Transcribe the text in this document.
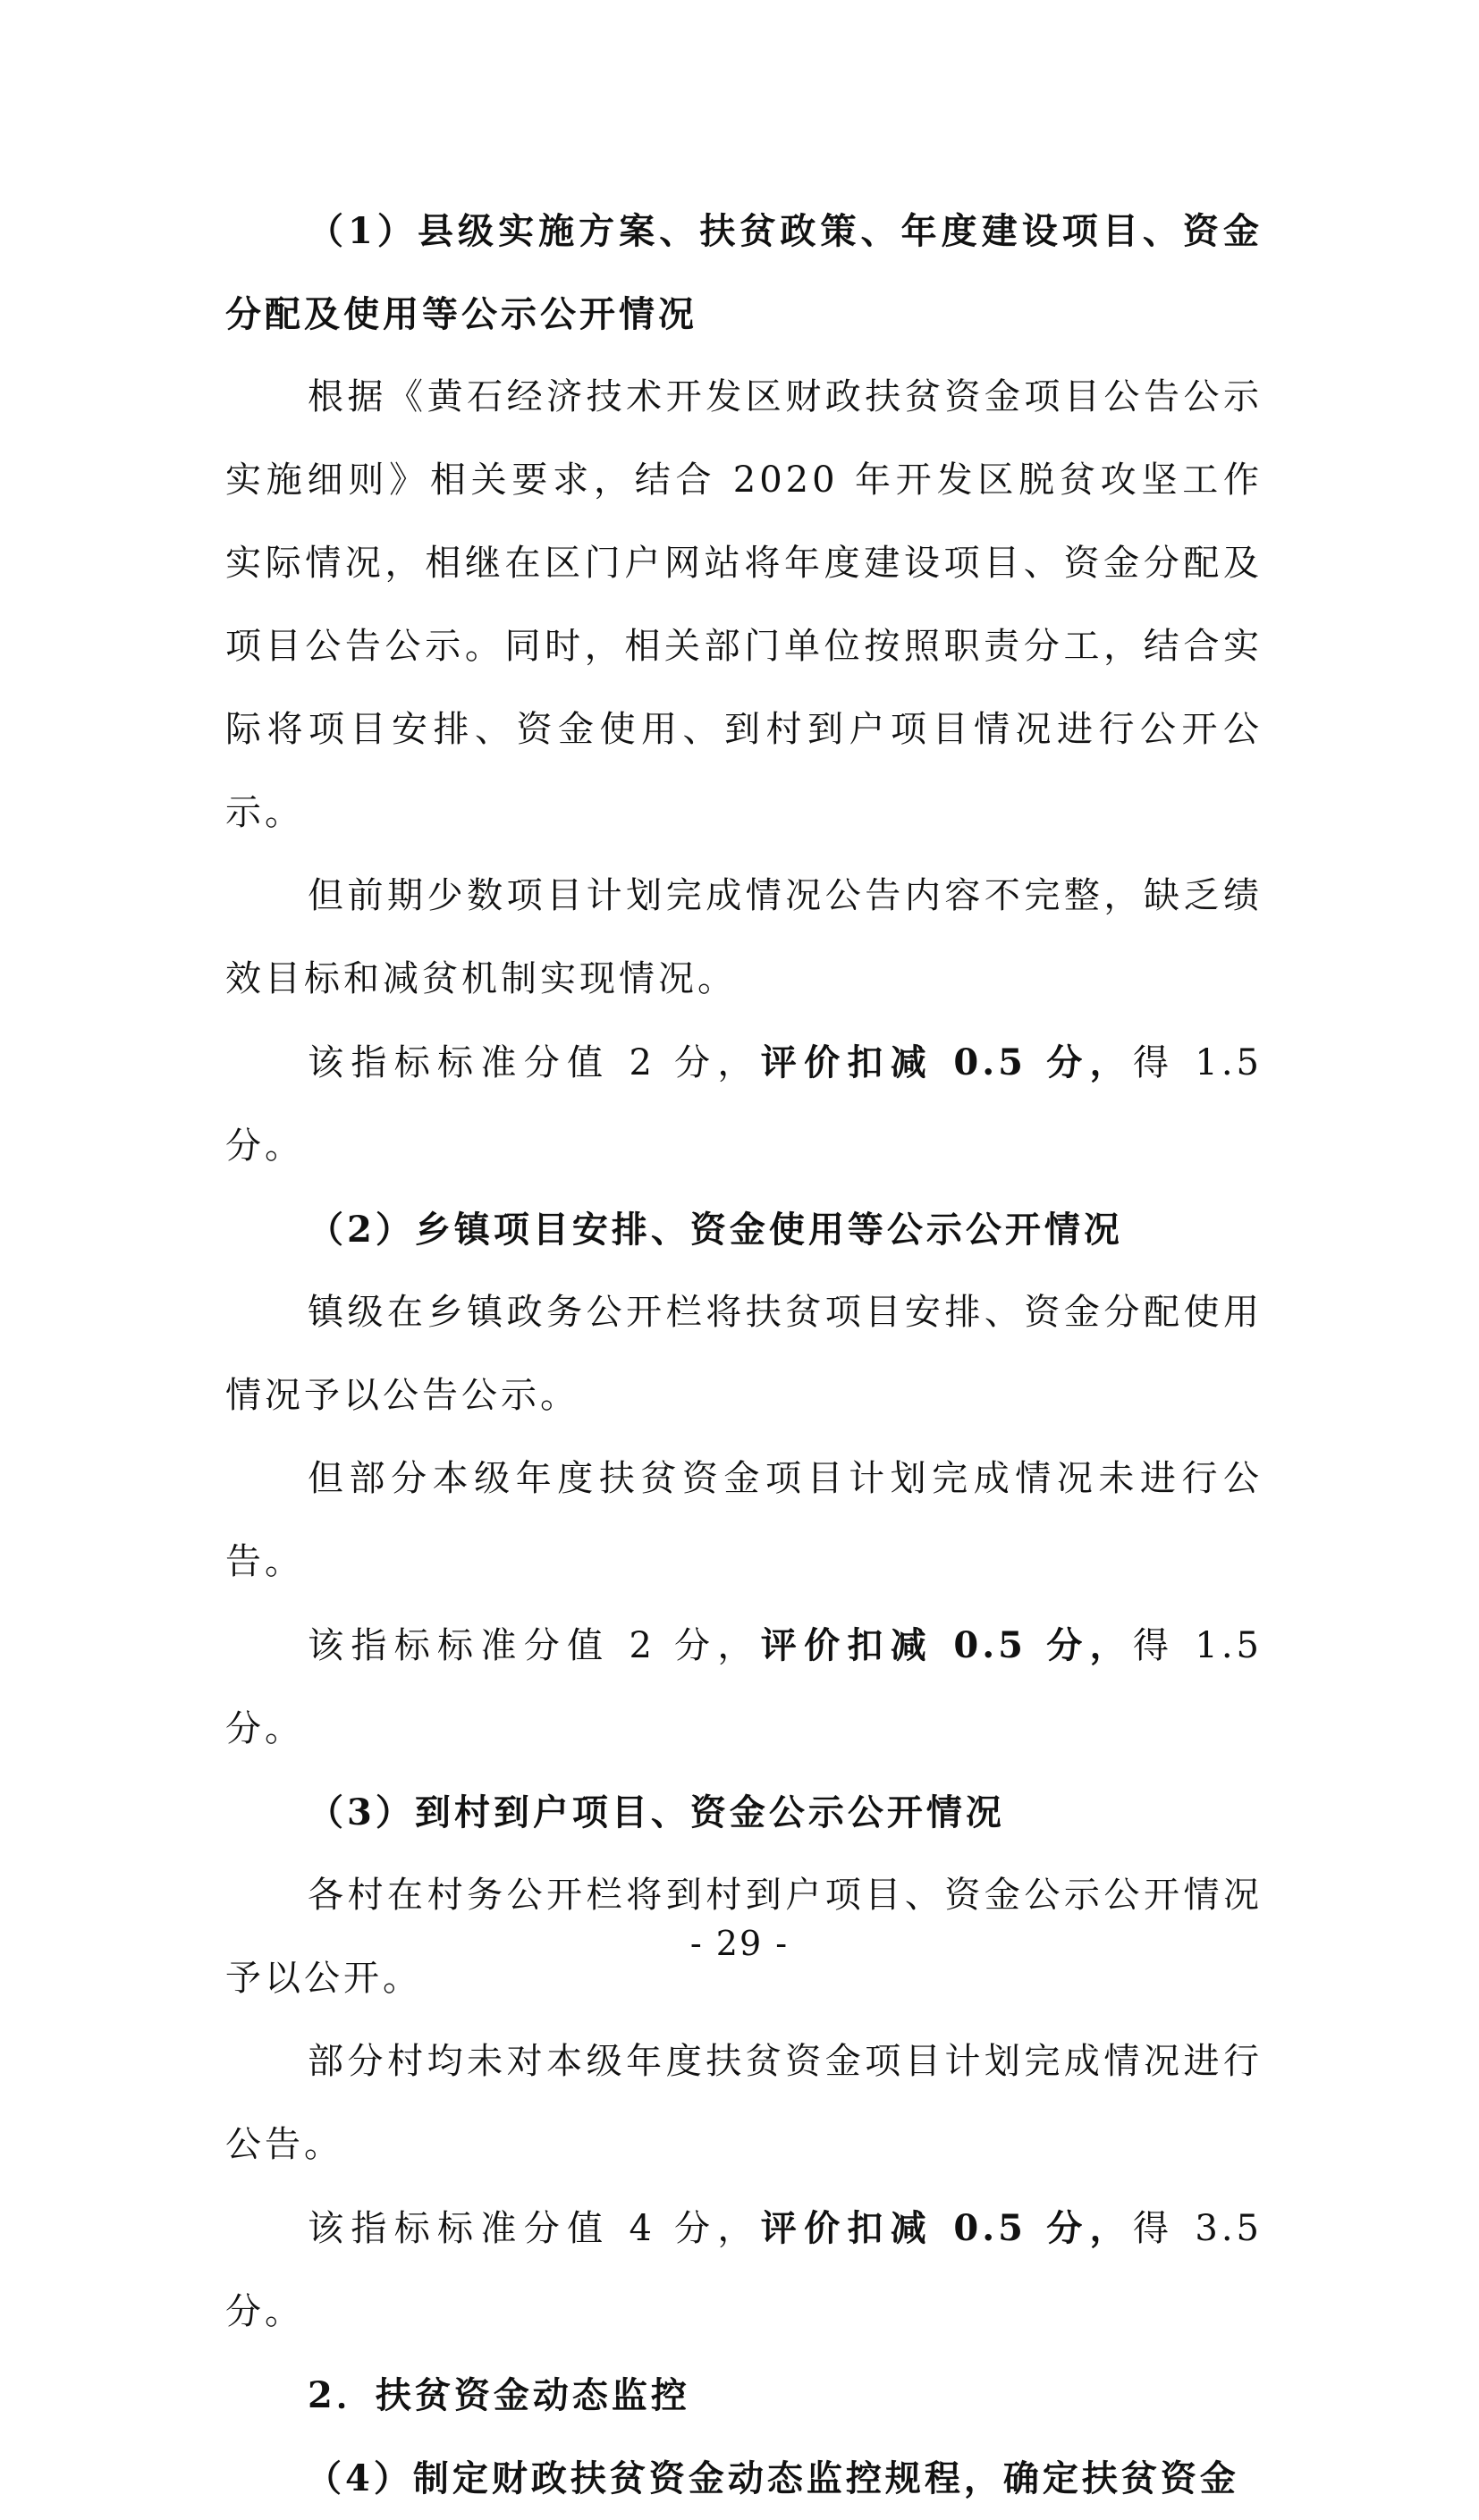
（1）县级实施方案、扶贫政策、年度建设项目、资金分配及使用等公示公开情况

根据《黄石经济技术开发区财政扶贫资金项目公告公示实施细则》相关要求，结合 2020 年开发区脱贫攻坚工作实际情况，相继在区门户网站将年度建设项目、资金分配及项目公告公示。同时，相关部门单位按照职责分工，结合实际将项目安排、资金使用、到村到户项目情况进行公开公示。

但前期少数项目计划完成情况公告内容不完整，缺乏绩效目标和减贫机制实现情况。

该指标标准分值 2 分，评价扣减 0.5 分，得 1.5 分。

（2）乡镇项目安排、资金使用等公示公开情况

镇级在乡镇政务公开栏将扶贫项目安排、资金分配使用情况予以公告公示。

但部分本级年度扶贫资金项目计划完成情况未进行公告。

该指标标准分值 2 分，评价扣减 0.5 分，得 1.5 分。

（3）到村到户项目、资金公示公开情况

各村在村务公开栏将到村到户项目、资金公示公开情况予以公开。

部分村均未对本级年度扶贫资金项目计划完成情况进行公告。

该指标标准分值 4 分，评价扣减 0.5 分，得 3.5 分。

2．扶贫资金动态监控

（4）制定财政扶贫资金动态监控规程，确定扶贫资金

- 29 -
